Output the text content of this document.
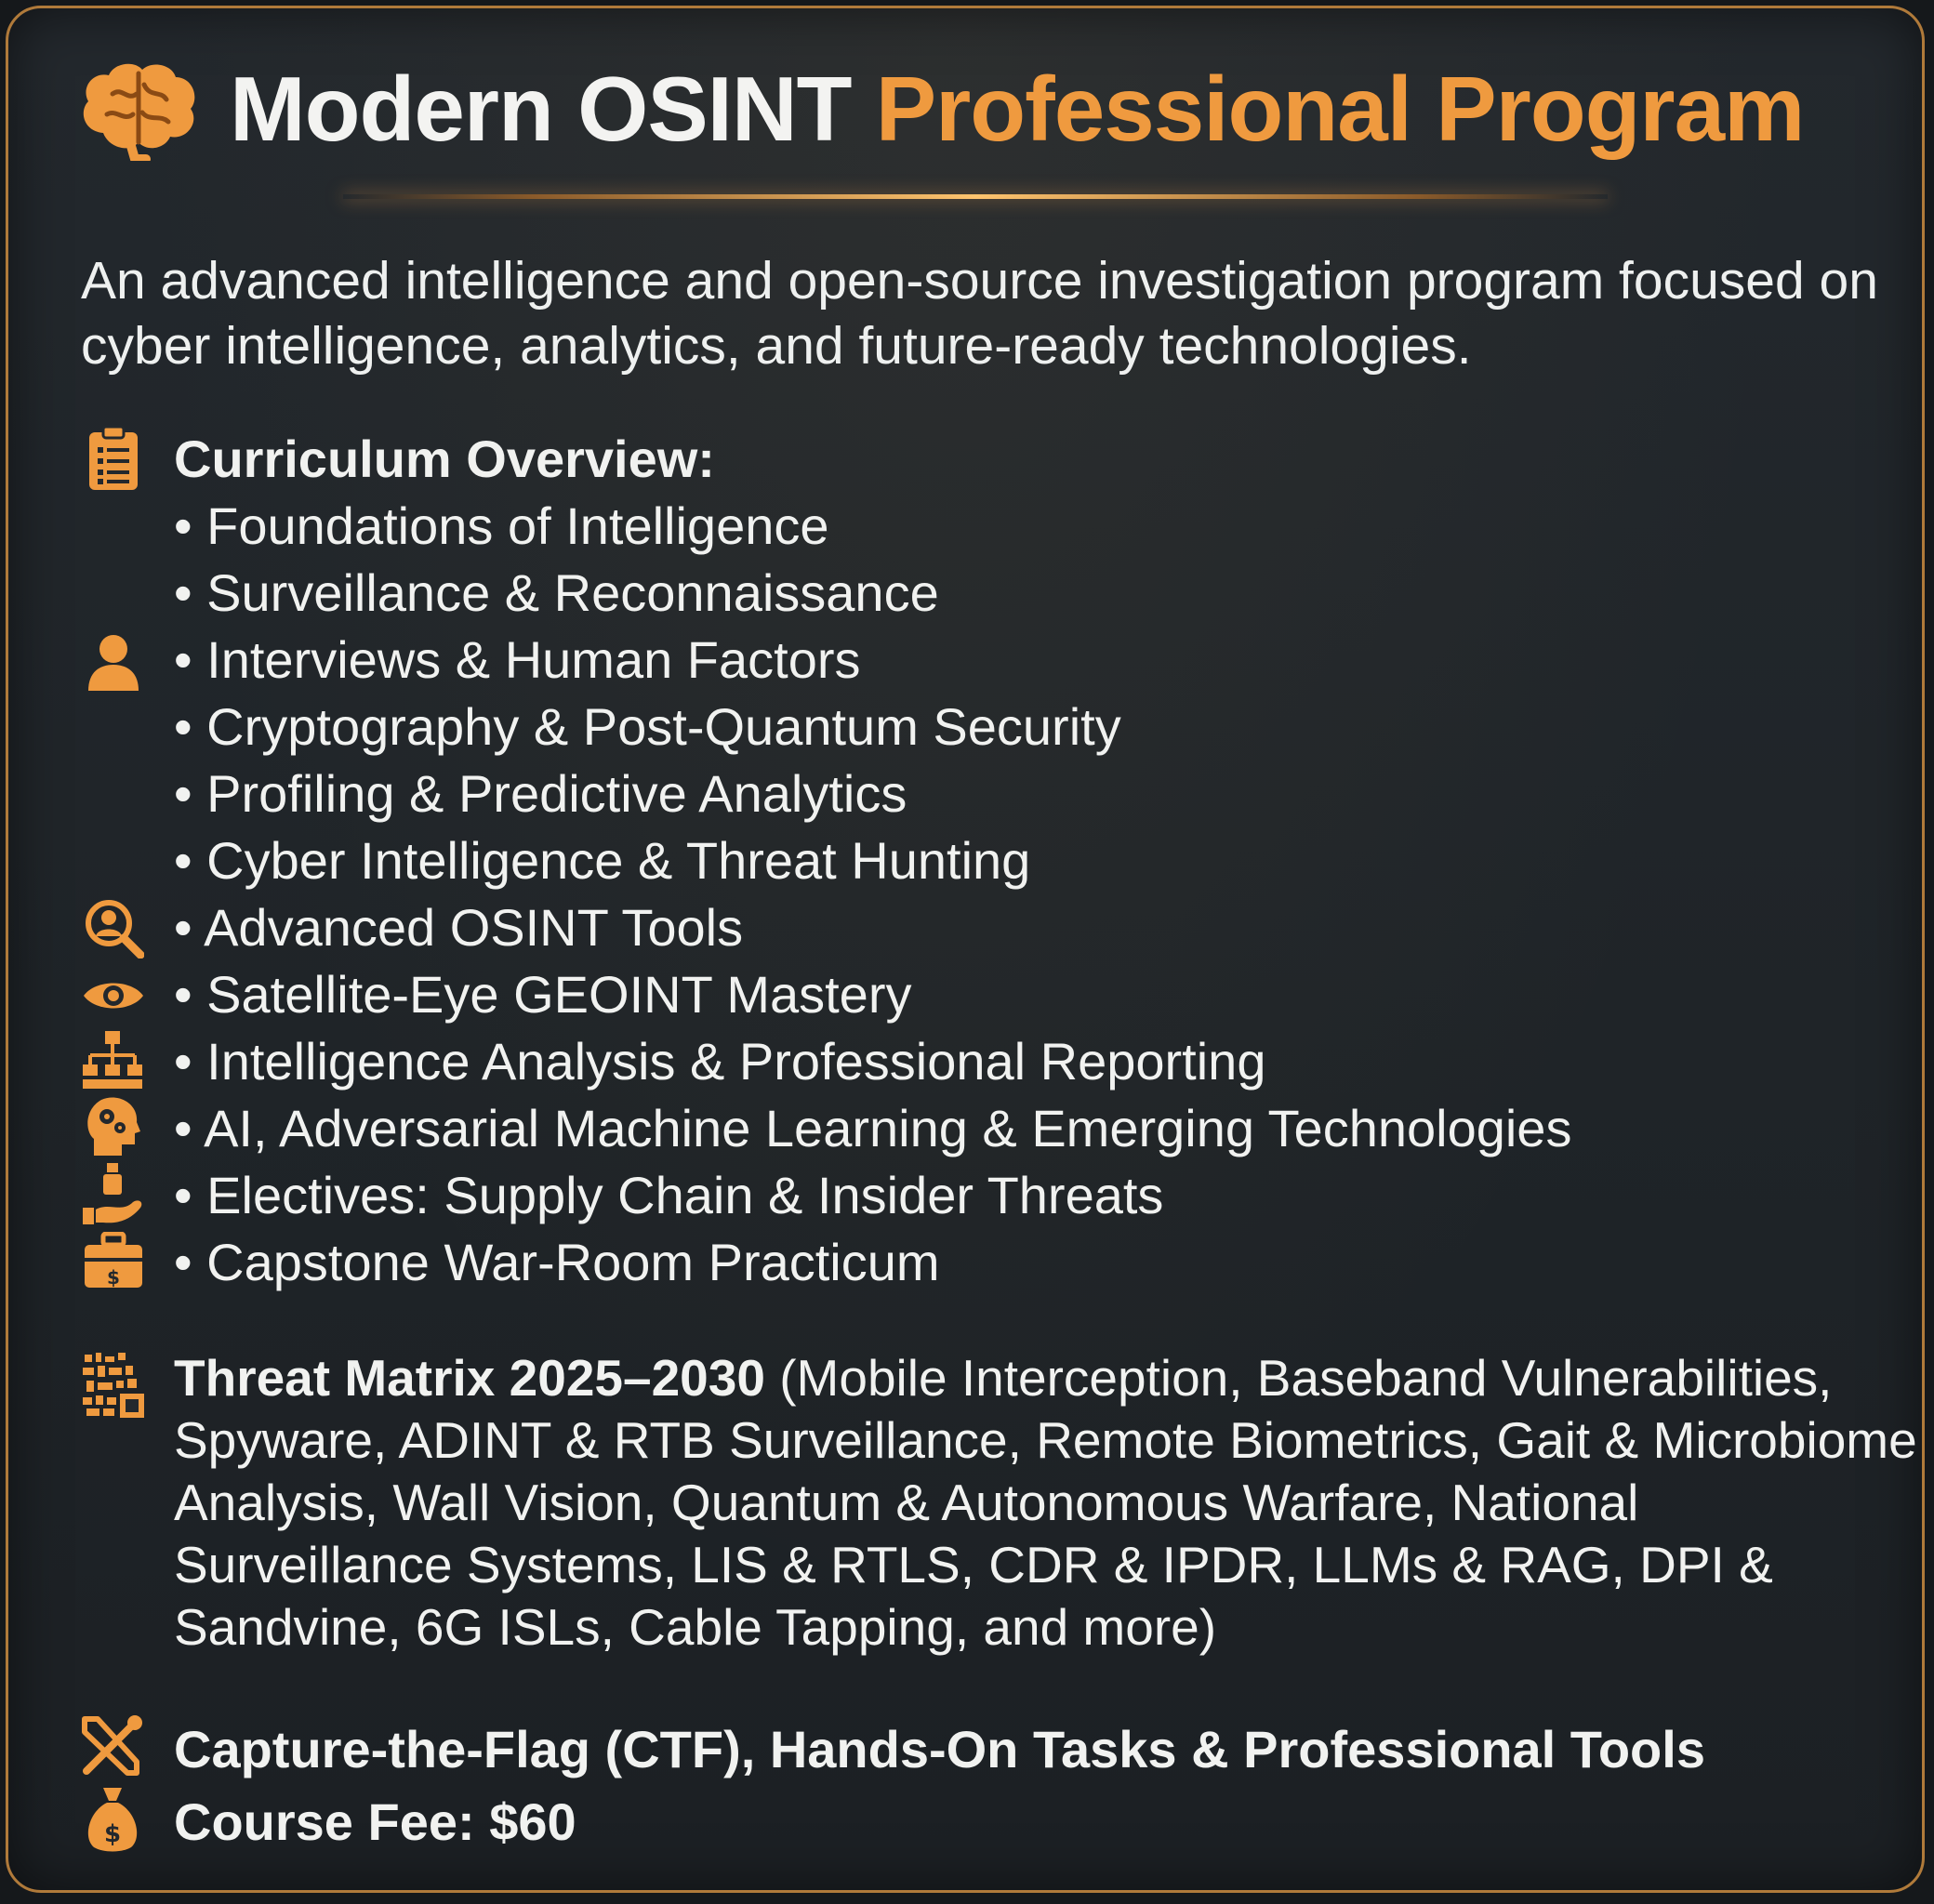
Modern OSINT Professional Program
An advanced intelligence and open-source investigation program focused on cyber intelligence, analytics, and future-ready technologies.
Curriculum Overview:
• Foundations of Intelligence
• Surveillance & Reconnaissance
• Interviews & Human Factors
• Cryptography & Post-Quantum Security
• Profiling & Predictive Analytics
• Cyber Intelligence & Threat Hunting
• Advanced OSINT Tools
• Satellite-Eye GEOINT Mastery
• Intelligence Analysis & Professional Reporting
• AI, Adversarial Machine Learning & Emerging Technologies
• Electives: Supply Chain & Insider Threats
$ • Capstone War-Room Practicum
Threat Matrix 2025–2030 (Mobile Interception, Baseband Vulnerabilities, Spyware, ADINT & RTB Surveillance, Remote Biometrics, Gait & Microbiome Analysis, Wall Vision, Quantum & Autonomous Warfare, National Surveillance Systems, LIS & RTLS, CDR & IPDR, LLMs & RAG, DPI & Sandvine, 6G ISLs, Cable Tapping, and more)
Capture-the-Flag (CTF), Hands-On Tasks & Professional Tools
$ Course Fee: $60
